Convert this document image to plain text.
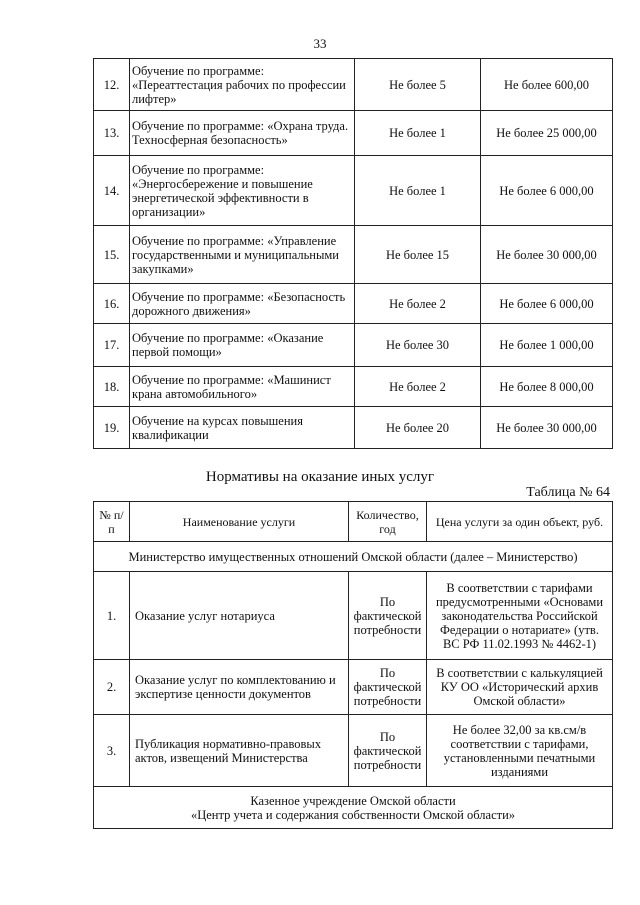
33
12.	Обучение по программе: «Переаттестация рабочих по профессии лифтер»	Не более 5	Не более 600,00
13.	Обучение по программе: «Охрана труда. Техносферная безопасность»	Не более 1	Не более 25 000,00
14.	Обучение по программе: «Энергосбережение и повышение энергетической эффективности в организации»	Не более 1	Не более 6 000,00
15.	Обучение по программе: «Управление государственными и муниципальными закупками»	Не более 15	Не более 30 000,00
16.	Обучение по программе: «Безопасность дорожного движения»	Не более 2	Не более 6 000,00
17.	Обучение по программе: «Оказание первой помощи»	Не более 30	Не более 1 000,00
18.	Обучение по программе: «Машинист крана автомобильного»	Не более 2	Не более 8 000,00
19.	Обучение на курсах повышения квалификации	Не более 20	Не более 30 000,00
Нормативы на оказание иных услуг
Таблица № 64
№ п/п	Наименование услуги	Количество, год	Цена услуги за один объект, руб.
Министерство имущественных отношений Омской области (далее – Министерство)			
1.	Оказание услуг нотариуса	По фактической потребности	В соответствии с тарифами предусмотренными «Основами законодательства Российской Федерации о нотариате» (утв. ВС РФ 11.02.1993 № 4462-1)
2.	Оказание услуг по комплектованию и экспертизе ценности документов	По фактической потребности	В соответствии с калькуляцией КУ ОО «Исторический архив Омской области»
3.	Публикация нормативно-правовых актов, извещений Министерства	По фактической потребности	Не более 32,00 за кв.см/в соответствии с тарифами, установленными печатными изданиями

Казенное учреждение Омской области
«Центр учета и содержания собственности Омской области»			
